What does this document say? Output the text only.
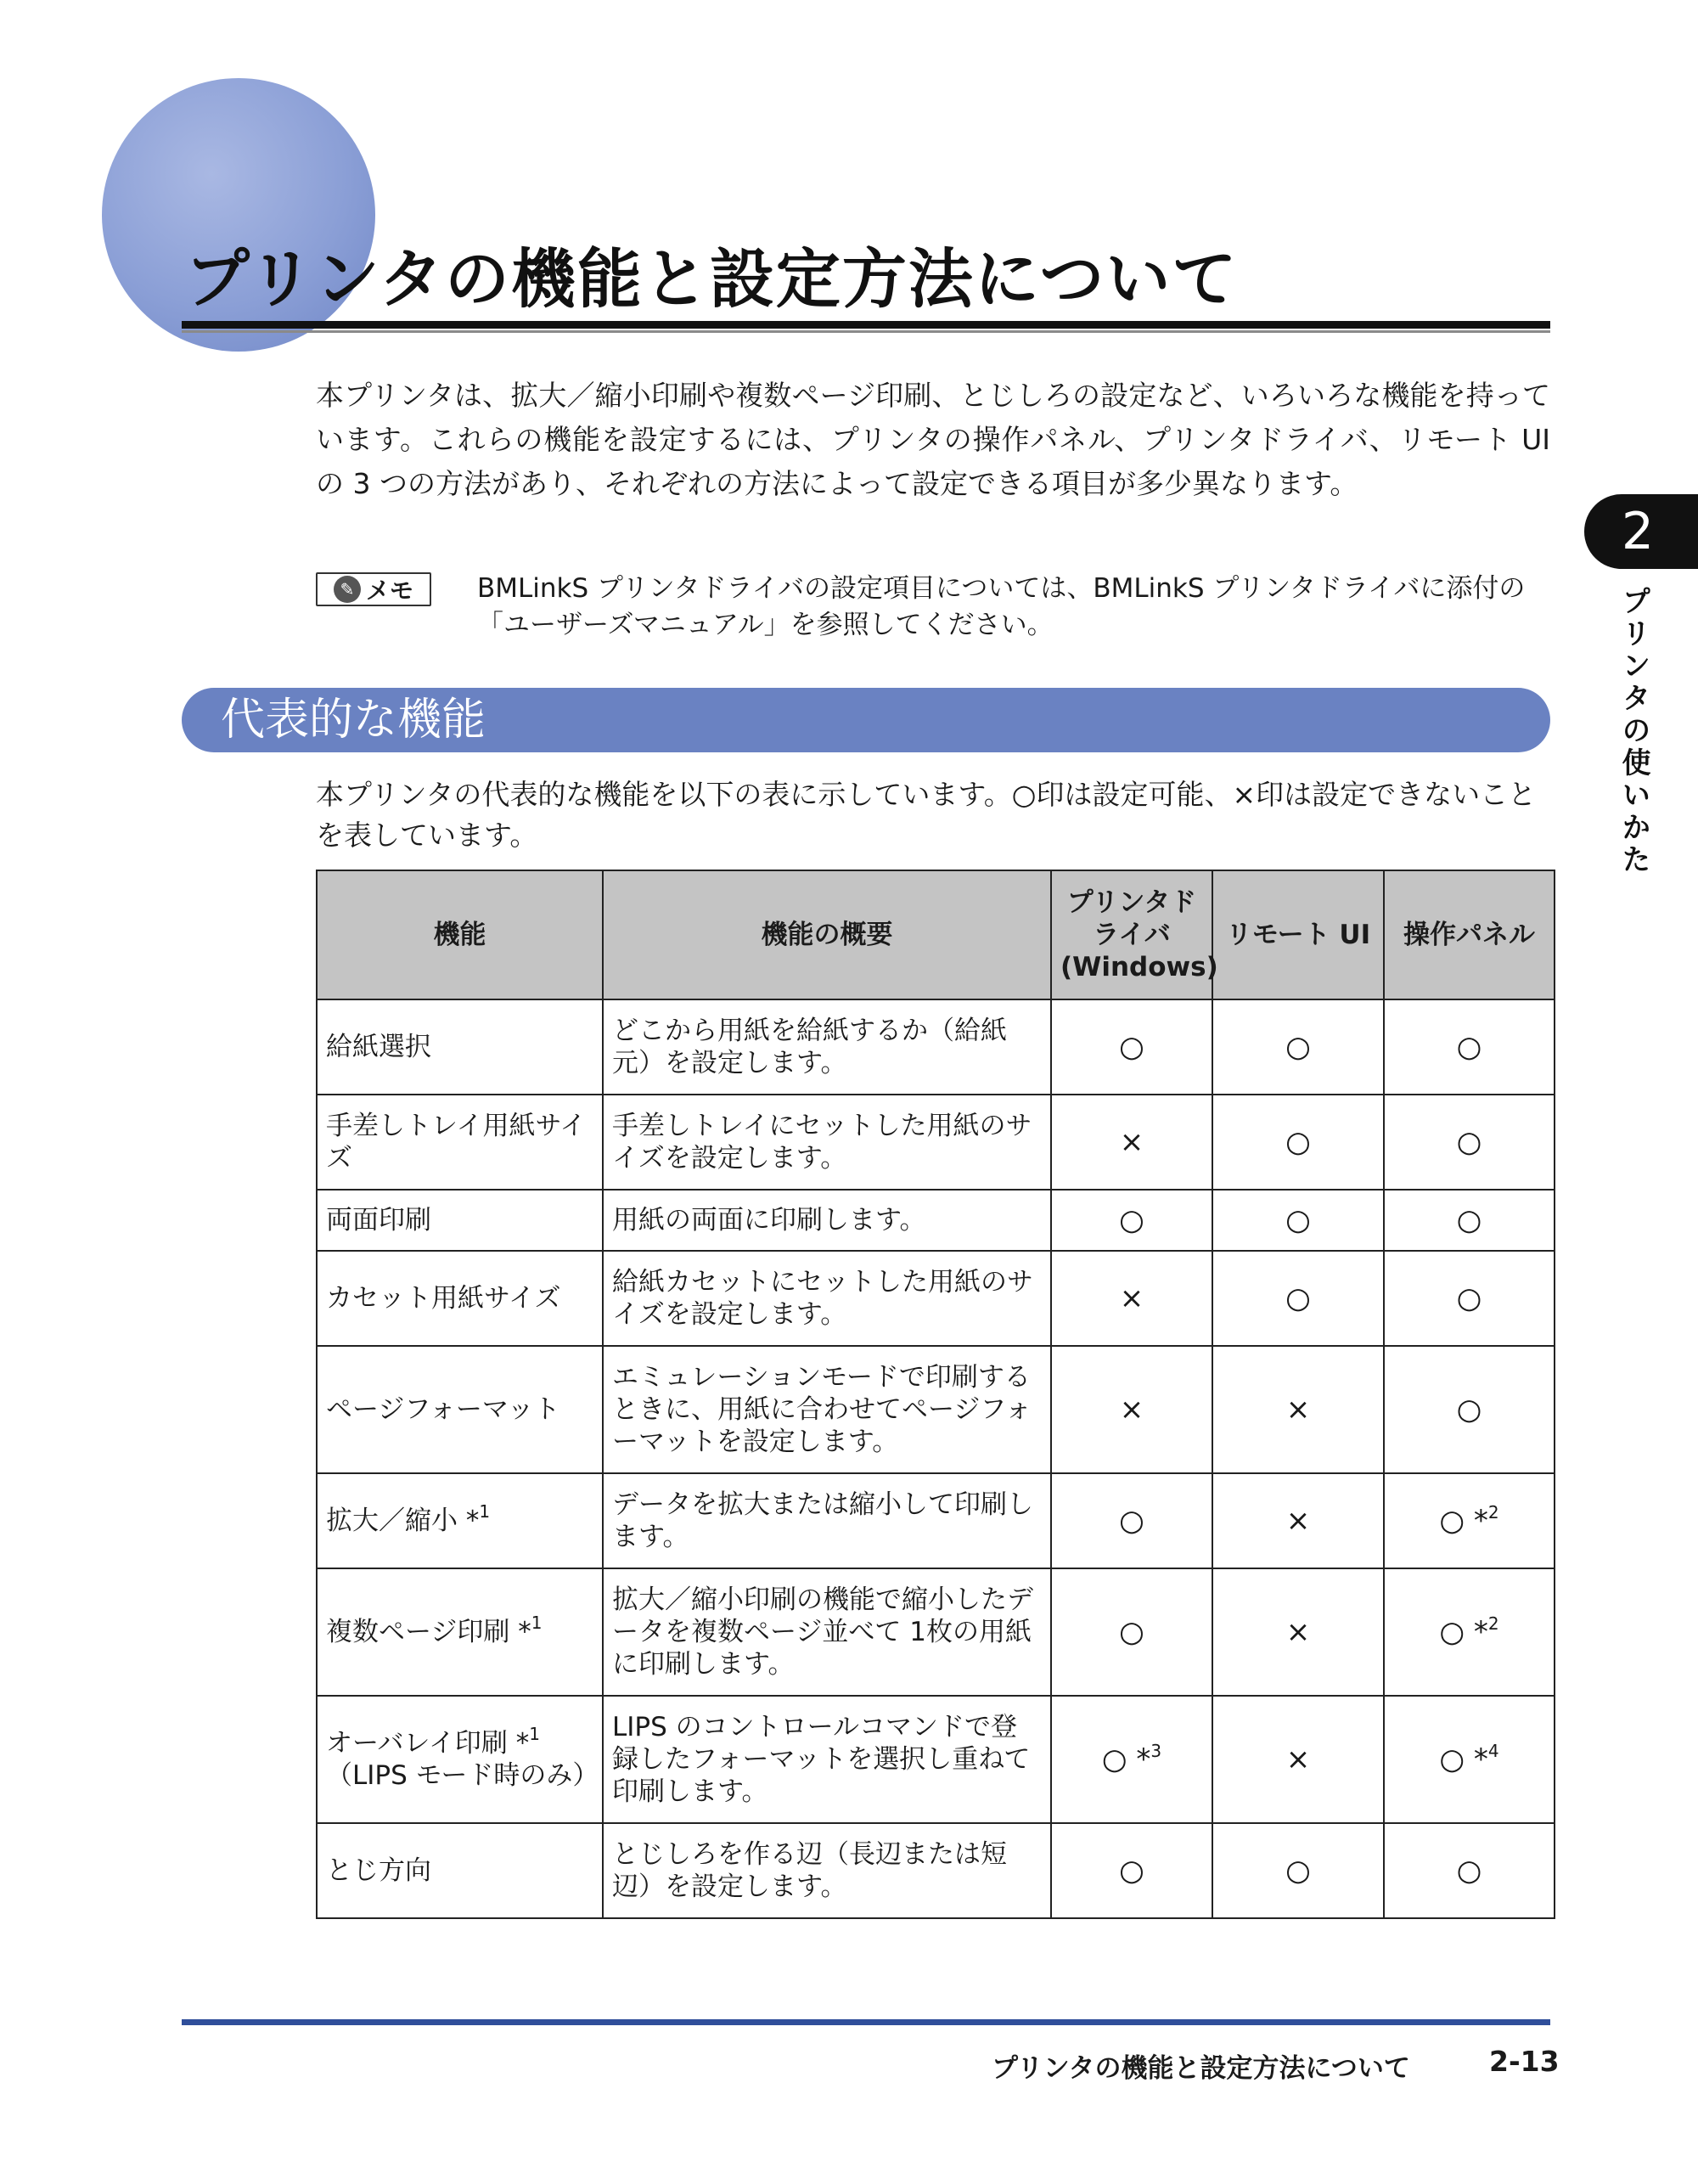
プリンタの機能と設定方法について

本プリンタは、拡大／縮小印刷や複数ページ印刷、とじしろの設定など、いろいろな機能を持っています。これらの機能を設定するには、プリンタの操作パネル、プリンタドライバ、リモート UI の 3 つの方法があり、それぞれの方法によって設定できる項目が多少異なります。

✎ メモ BMLinkS プリンタドライバの設定項目については、BMLinkS プリンタドライバに添付の「ユーザーズマニュアル」を参照してください。

代表的な機能

本プリンタの代表的な機能を以下の表に示しています。○印は設定可能、×印は設定できないことを表しています。

機能	機能の概要	プリンタドライバ(Windows)	リモート UI	操作パネル
給紙選択	どこから用紙を給紙するか（給紙元）を設定します。	○	○	○
手差しトレイ用紙サイズ	手差しトレイにセットした用紙のサイズを設定します。	×	○	○
両面印刷	用紙の両面に印刷します。	○	○	○
カセット用紙サイズ	給紙カセットにセットした用紙のサイズを設定します。	×	○	○
ページフォーマット	エミュレーションモードで印刷するときに、用紙に合わせてページフォーマットを設定します。	×	×	○
拡大／縮小 *$^1$	データを拡大または縮小して印刷します。	○	×	○ *$^2$
複数ページ印刷 *$^1$	拡大／縮小印刷の機能で縮小したデータを複数ページ並べて 1枚の用紙に印刷します。	○	×	○ *$^2$
オーバレイ印刷 *$^1$
（LIPS モード時のみ）	LIPS のコントロールコマンドで登録したフォーマットを選択し重ねて印刷します。	○ *$^3$	×	○ *$^4$
とじ方向	とじしろを作る辺（長辺または短辺）を設定します。	○	○	○
2
プリンタの使いかた
プリンタの機能と設定方法について	2-13
